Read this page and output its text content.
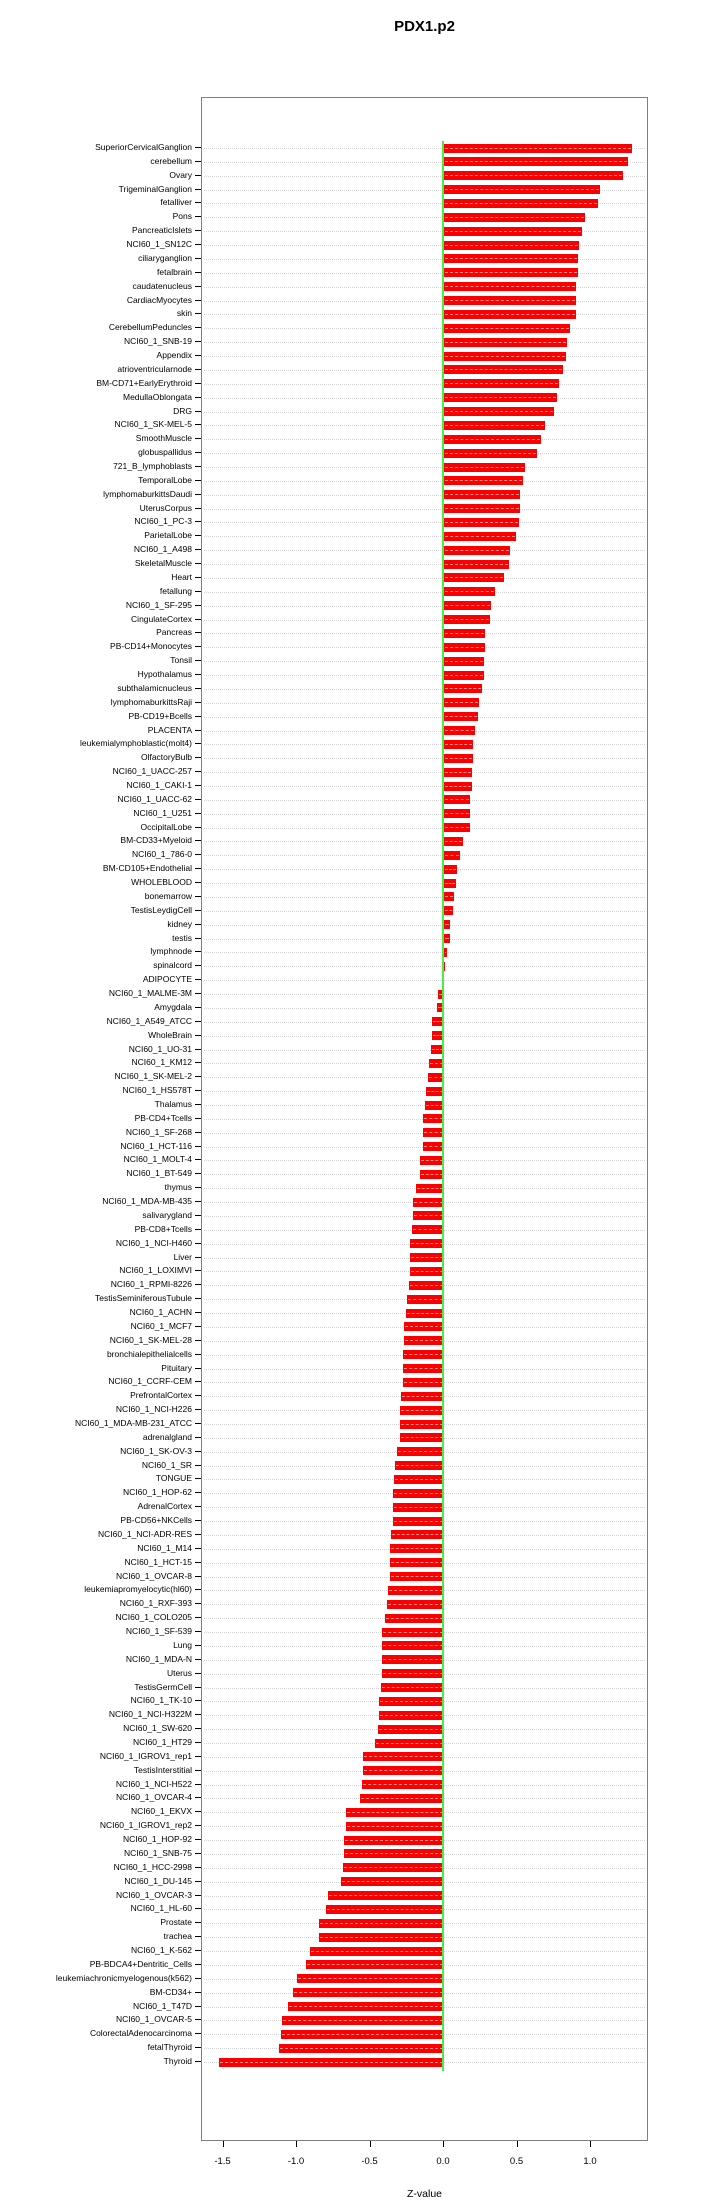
PDX1.p2
Z-value
SuperiorCervicalGanglion
cerebellum
Ovary
TrigeminalGanglion
fetalliver
Pons
PancreaticIslets
NCI60_1_SN12C
ciliaryganglion
fetalbrain
caudatenucleus
CardiacMyocytes
skin
CerebellumPeduncles
NCI60_1_SNB-19
Appendix
atrioventricularnode
BM-CD71+EarlyErythroid
MedullaOblongata
DRG
NCI60_1_SK-MEL-5
SmoothMuscle
globuspallidus
721_B_lymphoblasts
TemporalLobe
lymphomaburkittsDaudi
UterusCorpus
NCI60_1_PC-3
ParietalLobe
NCI60_1_A498
SkeletalMuscle
Heart
fetallung
NCI60_1_SF-295
CingulateCortex
Pancreas
PB-CD14+Monocytes
Tonsil
Hypothalamus
subthalamicnucleus
lymphomaburkittsRaji
PB-CD19+Bcells
PLACENTA
leukemialymphoblastic(molt4)
OlfactoryBulb
NCI60_1_UACC-257
NCI60_1_CAKI-1
NCI60_1_UACC-62
NCI60_1_U251
OccipitalLobe
BM-CD33+Myeloid
NCI60_1_786-0
BM-CD105+Endothelial
WHOLEBLOOD
bonemarrow
TestisLeydigCell
kidney
testis
lymphnode
spinalcord
ADIPOCYTE
NCI60_1_MALME-3M
Amygdala
NCI60_1_A549_ATCC
WholeBrain
NCI60_1_UO-31
NCI60_1_KM12
NCI60_1_SK-MEL-2
NCI60_1_HS578T
Thalamus
PB-CD4+Tcells
NCI60_1_SF-268
NCI60_1_HCT-116
NCI60_1_MOLT-4
NCI60_1_BT-549
thymus
NCI60_1_MDA-MB-435
salivarygland
PB-CD8+Tcells
NCI60_1_NCI-H460
Liver
NCI60_1_LOXIMVI
NCI60_1_RPMI-8226
TestisSeminiferousTubule
NCI60_1_ACHN
NCI60_1_MCF7
NCI60_1_SK-MEL-28
bronchialepithelialcells
Pituitary
NCI60_1_CCRF-CEM
PrefrontalCortex
NCI60_1_NCI-H226
NCI60_1_MDA-MB-231_ATCC
adrenalgland
NCI60_1_SK-OV-3
NCI60_1_SR
TONGUE
NCI60_1_HOP-62
AdrenalCortex
PB-CD56+NKCells
NCI60_1_NCI-ADR-RES
NCI60_1_M14
NCI60_1_HCT-15
NCI60_1_OVCAR-8
leukemiapromyelocytic(hl60)
NCI60_1_RXF-393
NCI60_1_COLO205
NCI60_1_SF-539
Lung
NCI60_1_MDA-N
Uterus
TestisGermCell
NCI60_1_TK-10
NCI60_1_NCI-H322M
NCI60_1_SW-620
NCI60_1_HT29
NCI60_1_IGROV1_rep1
TestisInterstitial
NCI60_1_NCI-H522
NCI60_1_OVCAR-4
NCI60_1_EKVX
NCI60_1_IGROV1_rep2
NCI60_1_HOP-92
NCI60_1_SNB-75
NCI60_1_HCC-2998
NCI60_1_DU-145
NCI60_1_OVCAR-3
NCI60_1_HL-60
Prostate
trachea
NCI60_1_K-562
PB-BDCA4+Dentritic_Cells
leukemiachronicmyelogenous(k562)
BM-CD34+
NCI60_1_T47D
NCI60_1_OVCAR-5
ColorectalAdenocarcinoma
fetalThyroid
Thyroid
-1.5	-1.0	-0.5	0.0	0.5	1.0
